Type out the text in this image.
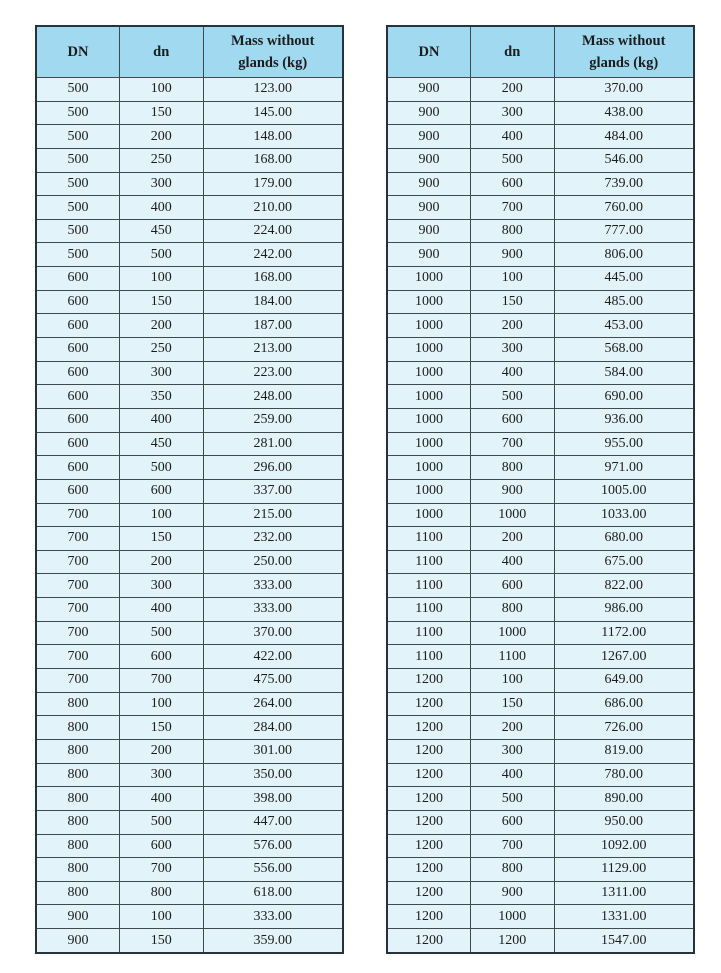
DN	dn	Mass without glands (kg)
500	100	123.00
500	150	145.00
500	200	148.00
500	250	168.00
500	300	179.00
500	400	210.00
500	450	224.00
500	500	242.00
600	100	168.00
600	150	184.00
600	200	187.00
600	250	213.00
600	300	223.00
600	350	248.00
600	400	259.00
600	450	281.00
600	500	296.00
600	600	337.00
700	100	215.00
700	150	232.00
700	200	250.00
700	300	333.00
700	400	333.00
700	500	370.00
700	600	422.00
700	700	475.00
800	100	264.00
800	150	284.00
800	200	301.00
800	300	350.00
800	400	398.00
800	500	447.00
800	600	576.00
800	700	556.00
800	800	618.00
900	100	333.00
900	150	359.00
DN	dn	Mass without glands (kg)
900	200	370.00
900	300	438.00
900	400	484.00
900	500	546.00
900	600	739.00
900	700	760.00
900	800	777.00
900	900	806.00
1000	100	445.00
1000	150	485.00
1000	200	453.00
1000	300	568.00
1000	400	584.00
1000	500	690.00
1000	600	936.00
1000	700	955.00
1000	800	971.00
1000	900	1005.00
1000	1000	1033.00
1100	200	680.00
1100	400	675.00
1100	600	822.00
1100	800	986.00
1100	1000	1172.00
1100	1100	1267.00
1200	100	649.00
1200	150	686.00
1200	200	726.00
1200	300	819.00
1200	400	780.00
1200	500	890.00
1200	600	950.00
1200	700	1092.00
1200	800	1129.00
1200	900	1311.00
1200	1000	1331.00
1200	1200	1547.00
